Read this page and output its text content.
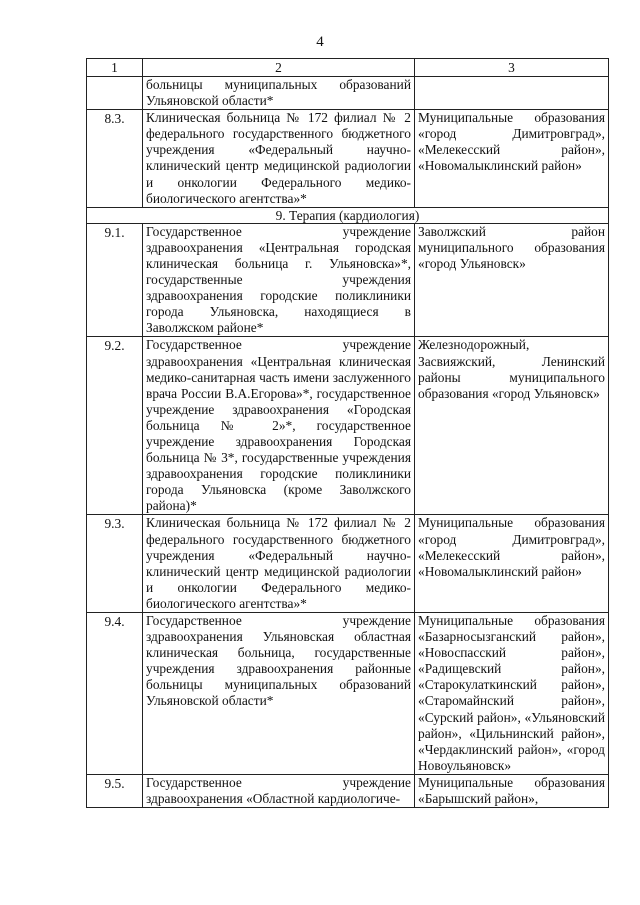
4
1	2	3
	больницы муниципальных образований Ульяновской области*	
8.3.	Клиническая больница № 172 филиал № 2 федерального государственного бюджетного учреждения «Федеральный научно-клинический центр медицинской радиологии и онкологии Федерального медико-биологического агентства»*	Муниципальные образования «город Димитровград», «Мелекесский район», «Новомалыклинский район»
9. Терапия (кардиология)		
9.1.	Государственное учреждение здравоохранения «Центральная городская клиническая больница г. Ульяновска»*, государственные учреждения здравоохранения городские поликлиники города Ульяновска, находящиеся в Заволжском районе*	Заволжский район муниципального образования «город Ульяновск»
9.2.	Государственное учреждение здравоохранения «Центральная клиническая медико-санитарная часть имени заслуженного врача России В.А.Егорова»*, государственное учреждение здравоохранения «Городская больница № 2»*, государственное учреждение здравоохранения Городская больница № 3*, государственные учреждения здравоохранения городские поликлиники города Ульяновска (кроме Заволжского района)*	Железнодорожный, Засвияжский, Ленинский районы муниципального образования «город Ульяновск»
9.3.	Клиническая больница № 172 филиал № 2 федерального государственного бюджетного учреждения «Федеральный научно-клинический центр медицинской радиологии и онкологии Федерального медико-биологического агентства»*	Муниципальные образования «город Димитровград», «Мелекесский район», «Новомалыклинский район»
9.4.	Государственное учреждение здравоохранения Ульяновская областная клиническая больница, государственные учреждения здравоохранения районные больницы муниципальных образований Ульяновской области*	Муниципальные образования «Базарносызганский район», «Новоспасский район», «Радищевский район», «Старокулаткинский район», «Старомайнский район», «Сурский район», «Ульяновский район», «Цильнинский район», «Чердаклинский район», «город Новоульяновск»
9.5.	Государственное учреждение здравоохранения «Областной кардиологиче-	Муниципальные образования «Барышский район»,
